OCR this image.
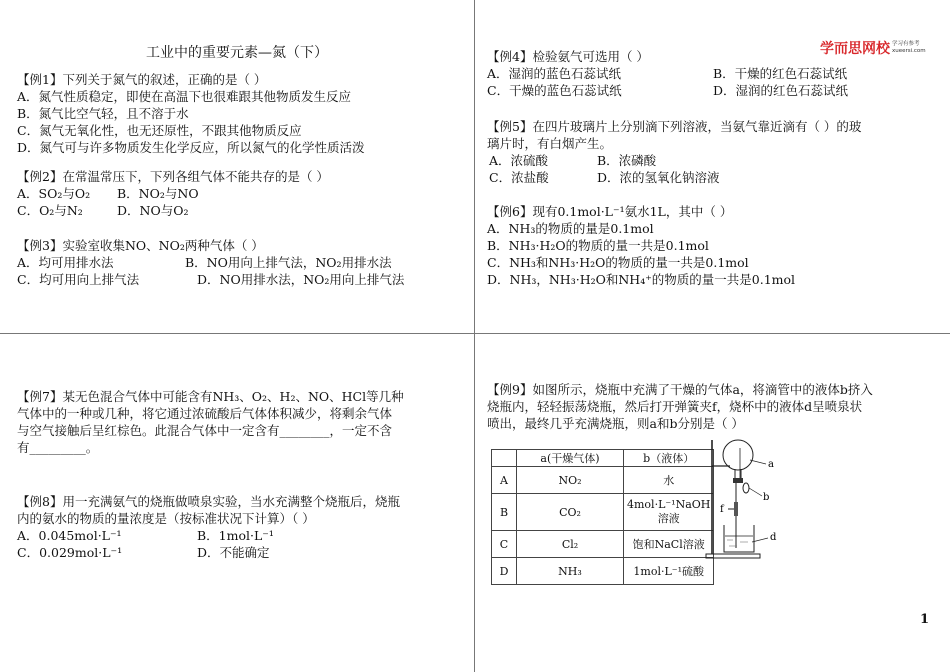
工业中的重要元素—氮（下）	学而思网校 学习有参考
xueersi.com

【例1】下列关于氮气的叙述，正确的是（ ）

A．氮气性质稳定，即使在高温下也很难跟其他物质发生反应

B．氮气比空气轻，且不溶于水

C．氮气无氧化性，也无还原性，不跟其他物质反应

D．氮气可与许多物质发生化学反应，所以氮气的化学性质活泼

【例2】在常温常压下，下列各组气体不能共存的是（ ）

A．SO₂与O₂	B．NO₂与NO
C．O₂与N₂	D．NO与O₂

【例3】实验室收集NO、NO₂两种气体（ ）

A．均可用排水法	B．NO用向上排气法，NO₂用排水法
C．均可用向上排气法	D．NO用排水法，NO₂用向上排气法

【例4】检验氨气可选用（ ）

A．湿润的蓝色石蕊试纸	B．干燥的红色石蕊试纸
C．干燥的蓝色石蕊试纸	D．湿润的红色石蕊试纸

【例5】在四片玻璃片上分别滴下列溶液，当氨气靠近滴有（ ）的玻

璃片时，有白烟产生。

A．浓硫酸	B．浓磷酸
C．浓盐酸	D．浓的氢氧化钠溶液

【例6】现有0.1mol·L⁻¹氨水1L，其中（ ）

A．NH₃的物质的量是0.1mol

B．NH₃·H₂O的物质的量一共是0.1mol

C．NH₃和NH₃·H₂O的物质的量一共是0.1mol

D．NH₃，NH₃·H₂O和NH₄⁺的物质的量一共是0.1mol

【例7】某无色混合气体中可能含有NH₃、O₂、H₂、NO、HCl等几种

气体中的一种或几种，将它通过浓硫酸后气体体积减少，将剩余气体

与空气接触后呈红棕色。此混合气体中一定含有________，一定不含

有_________。

【例8】用一充满氨气的烧瓶做喷泉实验，当水充满整个烧瓶后，烧瓶

内的氨水的物质的量浓度是（按标准状况下计算）（ ）

A．0.045mol·L⁻¹	B．1mol·L⁻¹
C．0.029mol·L⁻¹	D．不能确定

【例9】如图所示，烧瓶中充满了干燥的气体a，将滴管中的液体b挤入

烧瓶内，轻轻振荡烧瓶，然后打开弹簧夹f，烧杯中的液体d呈喷泉状

喷出，最终几乎充满烧瓶，则a和b分别是（ ）

	a(干燥气体)	b（液体）
A	NO₂	水
B	CO₂	4mol·L⁻¹NaOH
溶液
C	Cl₂	饱和NaCl溶液
D	NH₃	1mol·L⁻¹硫酸
a
b
f
d
1
